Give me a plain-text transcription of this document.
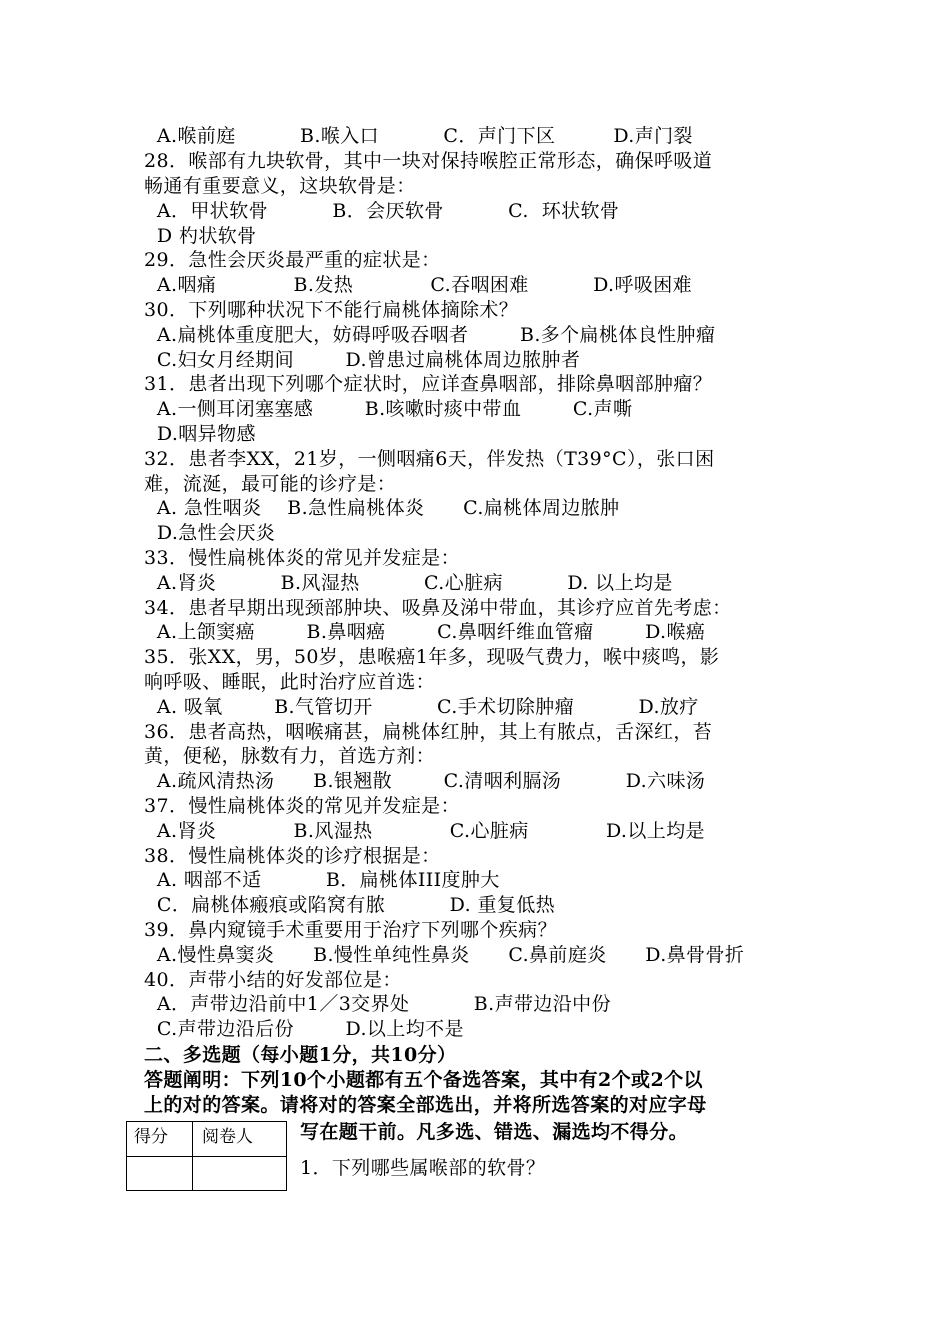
A.喉前庭          B.喉入口          C．声门下区         D.声门裂
28．喉部有九块软骨，其中一块对保持喉腔正常形态，确保呼吸道
畅通有重要意义，这块软骨是：
A．甲状软骨          B．会厌软骨          C.  环状软骨
D 杓状软骨
29．急性会厌炎最严重的症状是：
A.咽痛            B.发热            C.吞咽困难          D.呼吸困难
30．下列哪种状况下不能行扁桃体摘除术？
A.扁桃体重度肥大，妨碍呼吸吞咽者        B.多个扁桃体良性肿瘤
C.妇女月经期间        D.曾患过扁桃体周边脓肿者
31．患者出现下列哪个症状时，应详查鼻咽部，排除鼻咽部肿瘤？
A.一侧耳闭塞塞感        B.咳嗽时痰中带血        C.声嘶
D.咽异物感
32．患者李XX，21岁，一侧咽痛6天，伴发热（T39°C），张口困
难，流涎，最可能的诊疗是：
A. 急性咽炎    B.急性扁桃体炎      C.扁桃体周边脓肿
D.急性会厌炎
33．慢性扁桃体炎的常见并发症是：
A.肾炎          B.风湿热          C.心脏病          D. 以上均是
34．患者早期出现颈部肿块、吸鼻及涕中带血，其诊疗应首先考虑：
A.上颌窦癌        B.鼻咽癌        C.鼻咽纤维血管瘤        D.喉癌
35．张XX，男，50岁，患喉癌1年多，现吸气费力，喉中痰鸣，影
响呼吸、睡眠，此时治疗应首选：
A. 吸氧        B.气管切开          C.手术切除肿瘤          D.放疗
36．患者高热，咽喉痛甚，扁桃体红肿，其上有脓点，舌深红，苔
黄，便秘，脉数有力，首选方剂：
A.疏风清热汤      B.银翘散        C.清咽利膈汤          D.六味汤
37．慢性扁桃体炎的常见并发症是：
A.肾炎            B.风湿热            C.心脏病            D.以上均是
38．慢性扁桃体炎的诊疗根据是：
A. 咽部不适          B．扁桃体III度肿大
C．扁桃体瘢痕或陷窝有脓          D. 重复低热
39．鼻内窥镜手术重要用于治疗下列哪个疾病？
A.慢性鼻窦炎      B.慢性单纯性鼻炎      C.鼻前庭炎      D.鼻骨骨折
40．声带小结的好发部位是：
A．声带边沿前中1／3交界处          B.声带边沿中份
C.声带边沿后份        D.以上均不是
二、多选题（每小题1分，共10分）
答题阐明：下列10个小题都有五个备选答案，其中有2个或2个以
上的对的答案。请将对的答案全部选出，并将所选答案的对应字母
写在题干前。凡多选、错选、漏选均不得分。
得分 阅卷人
1．下列哪些属喉部的软骨？
